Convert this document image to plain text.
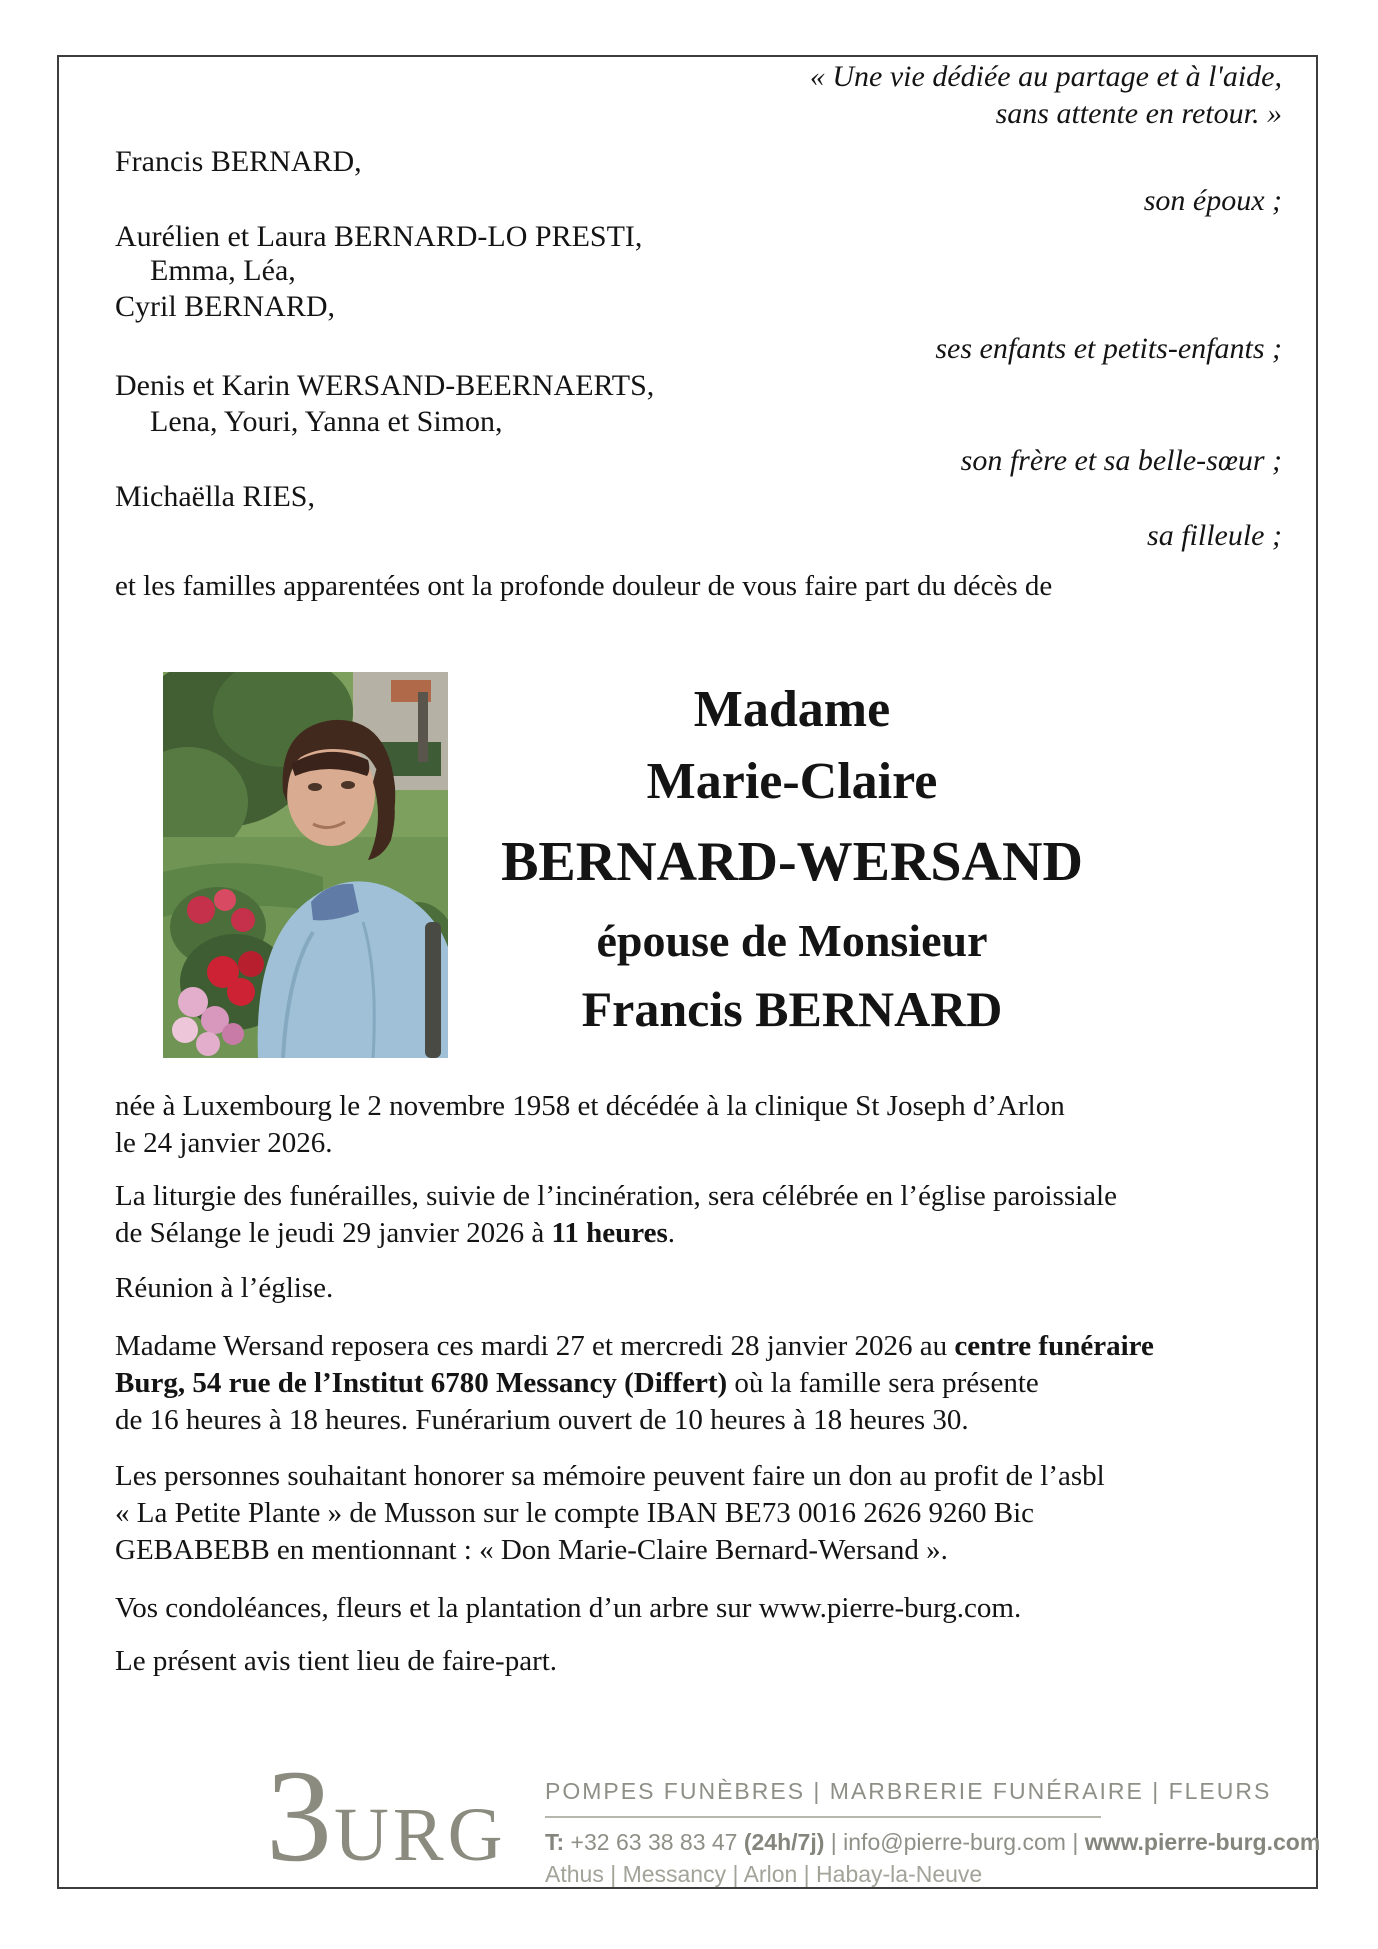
« Une vie dédiée au partage et à l'aide,
sans attente en retour. »
Francis BERNARD,
son époux ;
Aurélien et Laura BERNARD-LO PRESTI,
Emma, Léa,
Cyril BERNARD,
ses enfants et petits-enfants ;
Denis et Karin WERSAND-BEERNAERTS,
Lena, Youri, Yanna et Simon,
son frère et sa belle-sœur ;
Michaëlla RIES,
sa filleule ;
et les familles apparentées ont la profonde douleur de vous faire part du décès de
Madame
Marie-Claire
BERNARD-WERSAND
épouse de Monsieur
Francis BERNARD
née à Luxembourg le 2 novembre 1958 et décédée à la clinique St Joseph d’Arlon
le 24 janvier 2026.
La liturgie des funérailles, suivie de l’incinération, sera célébrée en l’église paroissiale
de Sélange le jeudi 29 janvier 2026 à 11 heures.
Réunion à l’église.
Madame Wersand reposera ces mardi 27 et mercredi 28 janvier 2026 au centre funéraire
Burg, 54 rue de l’Institut 6780 Messancy (Differt) où la famille sera présente
de 16 heures à 18 heures. Funérarium ouvert de 10 heures à 18 heures 30.
Les personnes souhaitant honorer sa mémoire peuvent faire un don au profit de l’asbl
« La Petite Plante » de Musson sur le compte IBAN BE73 0016 2626 9260 Bic
GEBABEBB en mentionnant : « Don Marie-Claire Bernard-Wersand ».
Vos condoléances, fleurs et la plantation d’un arbre sur www.pierre-burg.com.
Le présent avis tient lieu de faire-part.
3URG
POMPES FUNÈBRES | MARBRERIE FUNÉRAIRE | FLEURS
T: +32 63 38 83 47 (24h/7j) | info@pierre-burg.com | www.pierre-burg.com
Athus | Messancy | Arlon | Habay-la-Neuve
